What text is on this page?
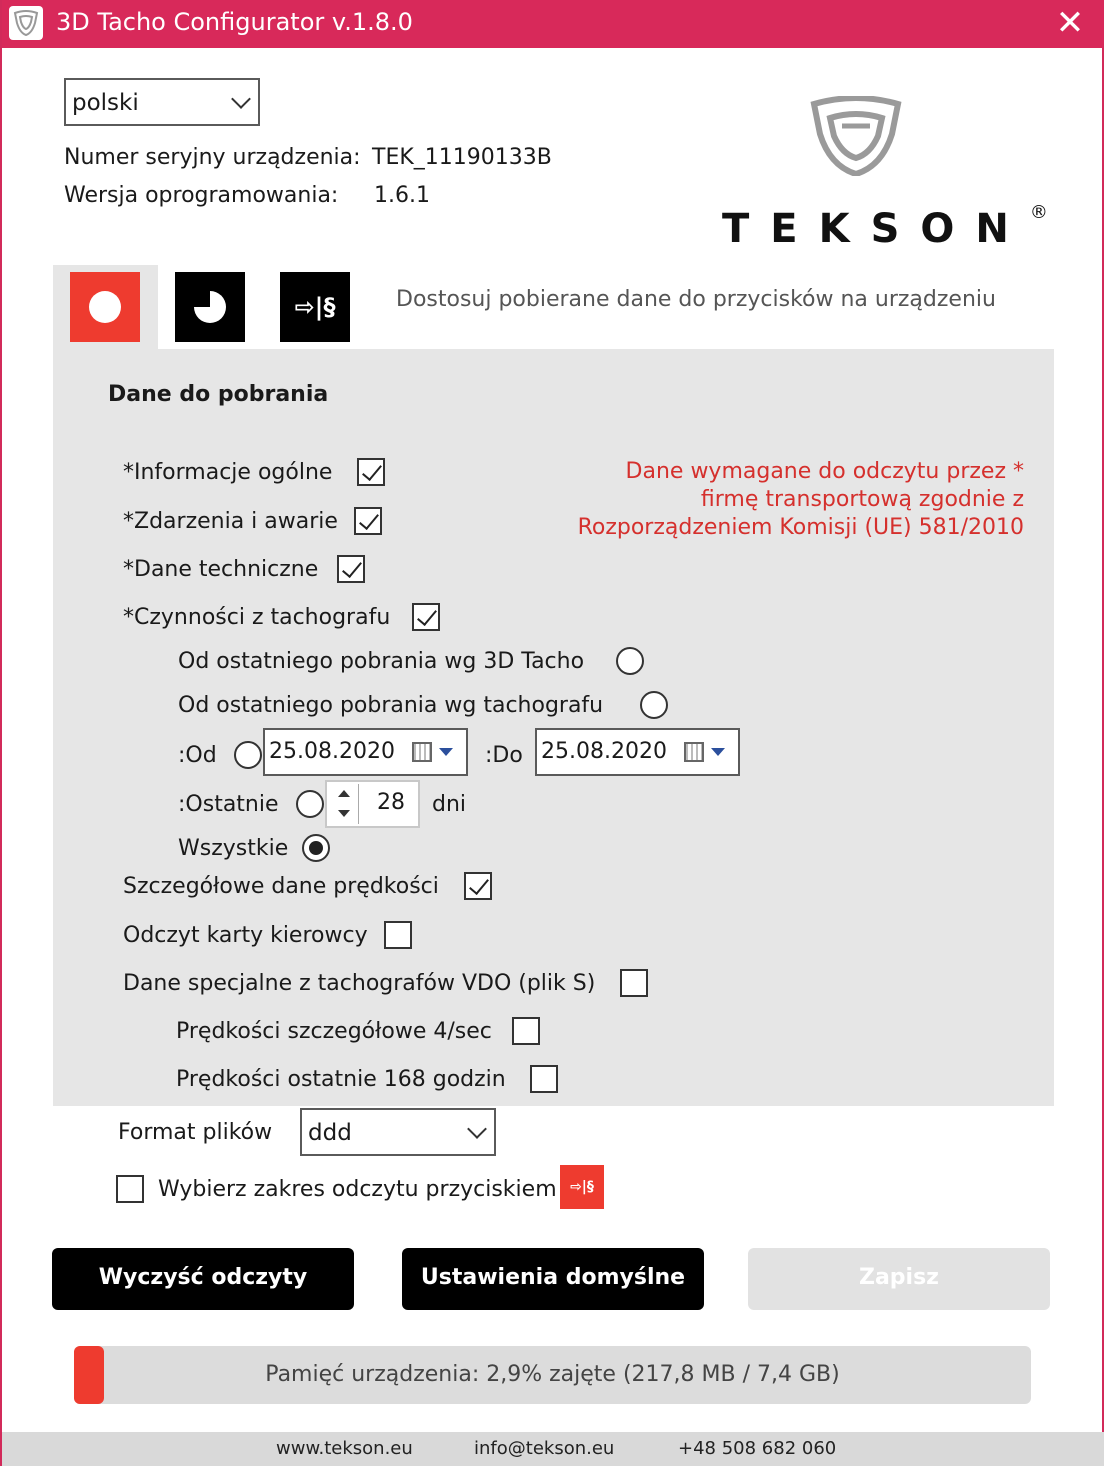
3D Tacho Configurator v.1.8.0	✕
polski
Numer seryjny urządzenia: TEK_11190133B
Wersja oprogramowania: 1.6.1
TEKSON®
⇨|§	Dostosuj pobierane dane do przycisków na urządzeniu
Dane do pobrania
Dane wymagane do odczytu przez * firmę transportową zgodnie z Rozporządzeniem Komisji (UE) 581/2010
*Informacje ogólne
*Zdarzenia i awarie
*Dane techniczne
*Czynności z tachografu
Od ostatniego pobrania wg 3D Tacho
Od ostatniego pobrania wg tachografu
:Od 25.08.2020	:Do 25.08.2020
:Ostatnie	28 dni
Wszystkie
Szczegółowe dane prędkości
Odczyt karty kierowcy
Dane specjalne z tachografów VDO (plik S)
Prędkości szczegółowe 4/sec
Prędkości ostatnie 168 godzin
Format plików ddd
Wybierz zakres odczytu przyciskiem ⇨|§
Wyczyść odczyty	Ustawienia domyślne	Zapisz
Pamięć urządzenia: 2,9% zajęte (217,8 MB / 7,4 GB)
www.tekson.eu	info@tekson.eu	+48 508 682 060
